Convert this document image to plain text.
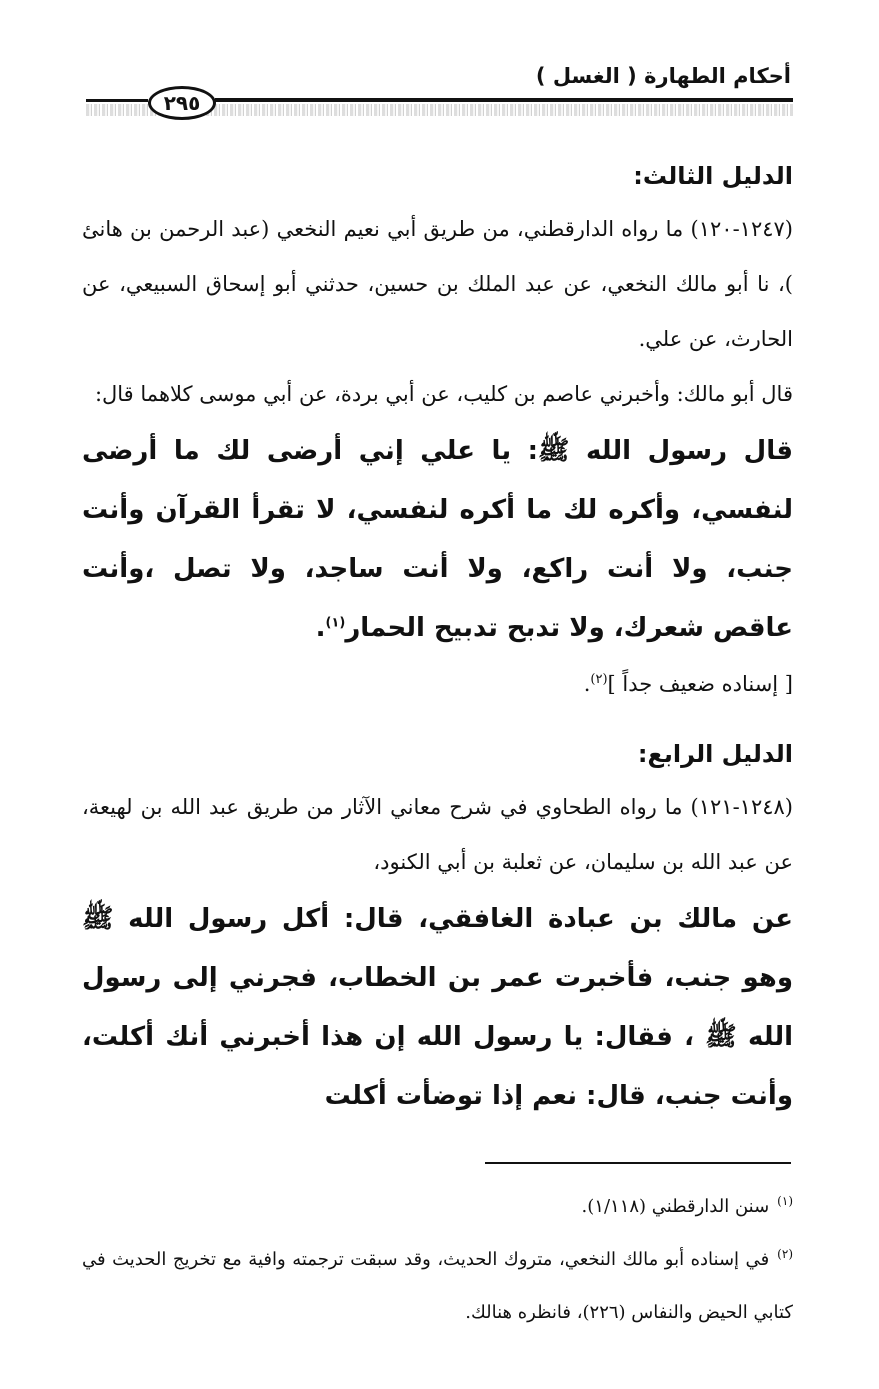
أحكام الطهارة ( الغسل )
٢٩٥

الدليل الثالث:

(١٢٤٧-١٢٠) ما رواه الدارقطني، من طريق أبي نعيم النخعي (عبد الرحمن بن هانئ )، نا أبو مالك النخعي، عن عبد الملك بن حسين، حدثني أبو إسحاق السبيعي، عن الحارث، عن علي.

قال أبو مالك: وأخبرني عاصم بن كليب، عن أبي بردة، عن أبي موسى كلاهما قال:

قال رسول الله ﷺ: يا علي إني أرضى لك ما أرضى لنفسي، وأكره لك ما أكره لنفسي، لا تقرأ القرآن وأنت جنب، ولا أنت راكع، ولا أنت ساجد، ولا تصل ،وأنت عاقص شعرك، ولا تدبح تدبيح الحمار$^{(١)}$.

[ إسناده ضعيف جداً ]$^{(٢)}$.

الدليل الرابع:

(١٢٤٨-١٢١) ما رواه الطحاوي في شرح معاني الآثار من طريق عبد الله بن لهيعة، عن عبد الله بن سليمان، عن ثعلبة بن أبي الكنود،

عن مالك بن عبادة الغافقي، قال: أكل رسول الله ﷺ وهو جنب، فأخبرت عمر بن الخطاب، فجرني إلى رسول الله ﷺ ، فقال: يا رسول الله إن هذا أخبرني أنك أكلت، وأنت جنب، قال: نعم إذا توضأت أكلت

$^{(١)}$سنن الدارقطني (١/١١٨).

$^{(٢)}$في إسناده أبو مالك النخعي، متروك الحديث، وقد سبقت ترجمته وافية مع تخريج الحديث في كتابي الحيض والنفاس (٢٢٦)، فانظره هنالك.
